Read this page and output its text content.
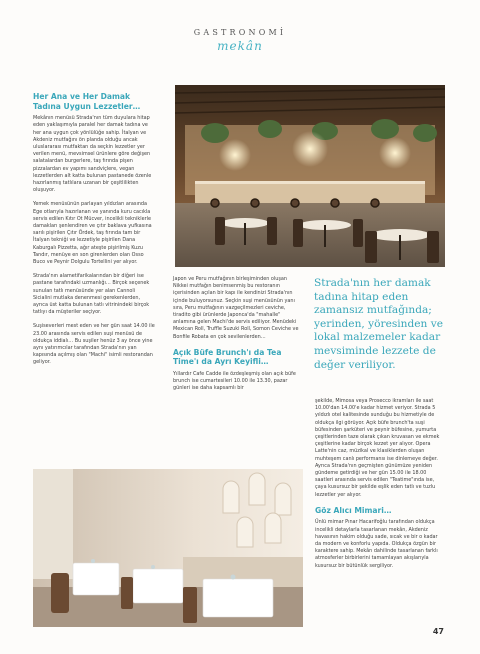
GASTRONOMİ
mekân
Her Ana ve Her Damak Tadına Uygun Lezzetler…

Mekânın menüsü Strada'nın tüm duyulara hitap eden yaklaşımıyla paralel her damak tadına ve her ana uygun çok yönlülüğe sahip. İtalyan ve Akdeniz mutfağını ön planda olduğu ancak uluslararası mutfaktan da seçkin lezzetler yer verilen menü, mevsimsel ürünlere göre değişen salatalardan burgerlere, taş fırında pişen pizzalardan ev yapımı sandviçlere, vegan lezzetlerden alt katta bulunan pastanede özenle hazırlanmış tatlılara uzanan bir çeşitlilikten oluşuyor.

Yemek menüsünün parlayan yıldızları arasında Ege otlarıyla hazırlanan ve yanında kuru cacıkla servis edilen Kıtır Ot Mücver, incelikli tekniklerle damakları şenlendiren ve çıtır baklava yufkasına sarılı pişirilen Çıtır Ördek, taş fırında tam bir İtalyan tekniği ve lezzetiyle pişirilen Dana Kaburgalı Pizzetta, ağır ateşte pişirilmiş Kuzu Tandır, menüye en son girenlerden olan Osso Buco ve Peynir Dolgulu Tortellini yer alıyor.

Strada'nın alametifarikalarından bir diğeri ise pastane tarafındaki uzmanlığı… Birçok seçenek sunulan tatlı menüsünde yer alan Cannoli Sicialini mutlaka denenmesi gerekenlerden, ayrıca üst katta bulunan tatlı vitrinindeki birçok tatlıyı da müşteriler seçiyor.

Suşiseverleri mest eden ve her gün saat 14.00 ile 23.00 arasında servis edilen suşi menüsü de oldukça iddialı… Bu suşiler henüz 3 ay önce yine aynı yatırımcılar tarafından Strada'nın yan kapısında açılmış olan "Machi" isimli restorandan geliyor.

Japon ve Peru mutfağının birleşiminden oluşan Nikkei mutfağın benimsenmiş bu restoranın içerisinden açılan bir kapı ile kendinizi Strada'nın içinde buluyorsunuz. Seçkin suşi menüsünün yanı sıra, Peru mutfağının vazgeçilmezleri ceviche, tiradito gibi ürünlerde Japonca'da "mahalle" anlamına gelen Machi'de servis ediliyor. Menüdeki Mexican Roll, Truffle Suzuki Roll, Somon Ceviche ve Bonfile Robata en çok sevilenlerden…

Açık Büfe Brunch'ı da Tea Time'ı da Ayrı Keyifli…

Yıllardır Cafe Cadde ile özdeşleşmiş olan açık büfe brunch ise cumartesileri 10.00 ile 13.30, pazar günleri ise daha kapsamlı bir

Strada'nın her damak tadına hitap eden zamansız mutfağında; yerinden, yöresinden ve lokal malzemeler kadar mevsiminde lezzete de değer veriliyor.

şekilde, Mimosa veya Prosecco ikramları ile saat 10.00'dan 14.00'e kadar hizmet veriyor. Strada 5 yıldızlı otel kalitesinde sunduğu bu hizmetiyle de oldukça ilgi görüyor. Açık büfe brunch'ta suşi büfesinden şarküteri ve peynir büfesine, yumurta çeşitlerinden taze olarak çıkan kruvasan ve ekmek çeşitlerine kadar birçok lezzet yer alıyor. Opera Latte'nin caz, müzikal ve klasiklerden oluşan muhteşem canlı performansı ise dinlemeye değer. Ayrıca Strada'nın geçmişten günümüze yeniden gündeme getirdiği ve her gün 15.00 ile 18.00 saatleri arasında servis edilen "Teatime"ında ise, çaya kusursuz bir şekilde eşlik eden tatlı ve tuzlu lezzetler yer alıyor.

Göz Alıcı Mimari…

Ünlü mimar Pınar Hacarifoğlu tarafından oldukça incelikli detaylarla tasarlanan mekân, Akdeniz havasının hakim olduğu sade, sıcak ve bir o kadar da modern ve konforlu yapıda. Oldukça özgün bir karaktere sahip. Mekân dahilinde tasarlanan farklı atmosferler birbirlerini tamamlayan akışlarıyla kusursuz bir bütünlük sergiliyor.

47
